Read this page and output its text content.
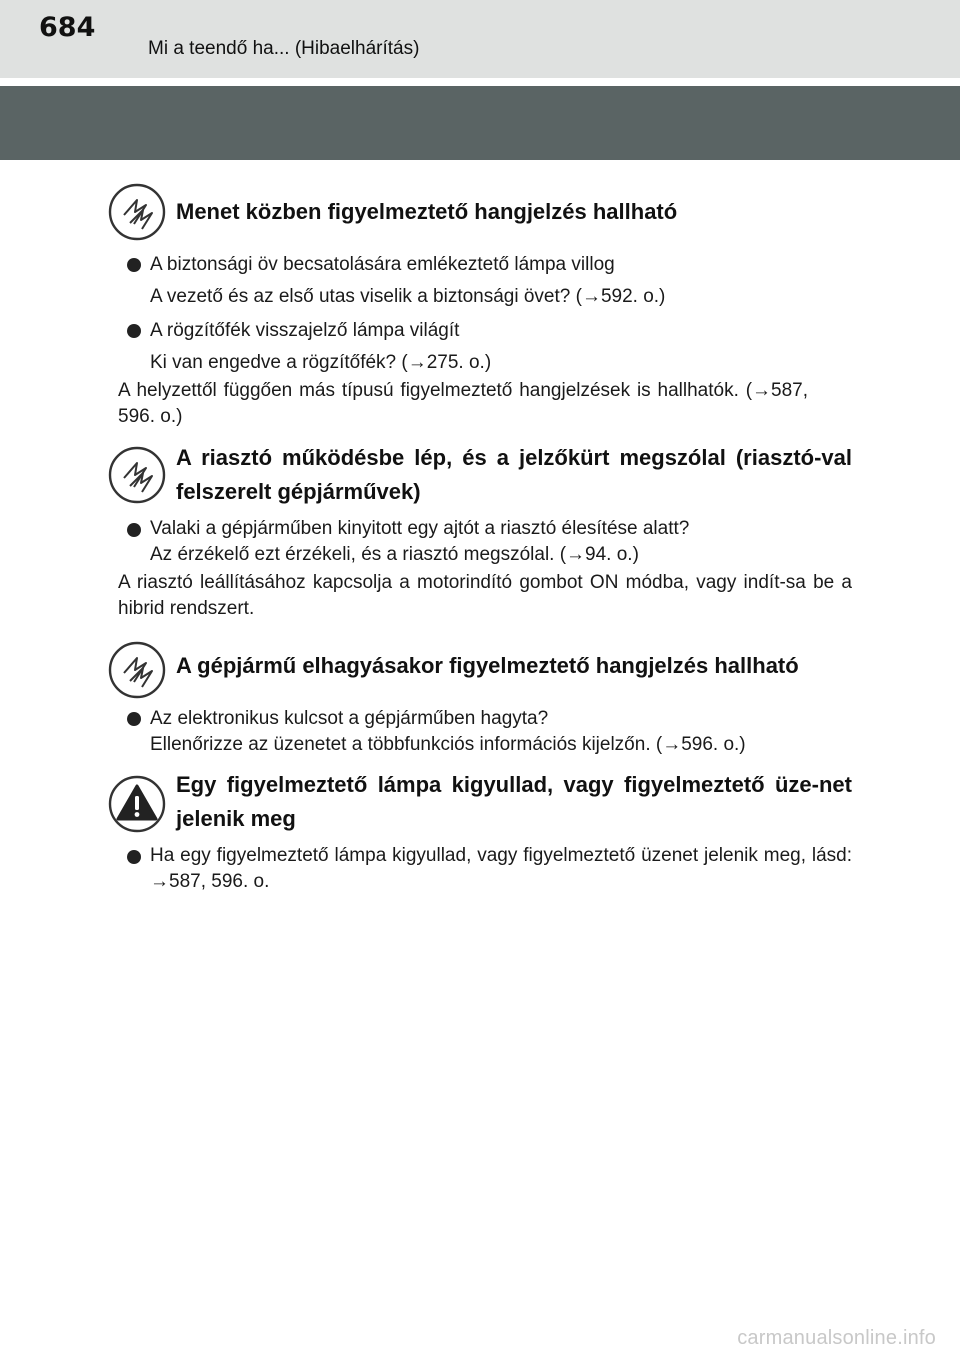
684
Mi a teendő ha... (Hibaelhárítás)
Menet közben figyelmeztető hangjelzés hallható
A biztonsági öv becsatolására emlékeztető lámpa villog
A vezető és az első utas viselik a biztonsági övet? (→592. o.)
A rögzítőfék visszajelző lámpa világít
Ki van engedve a rögzítőfék? (→275. o.)
A helyzettől függően más típusú figyelmeztető hangjelzések is hallhatók. (→587, 596. o.)
A riasztó működésbe lép, és a jelzőkürt megszólal (riasztó-val felszerelt gépjárművek)
Valaki a gépjárműben kinyitott egy ajtót a riasztó élesítése alatt?
Az érzékelő ezt érzékeli, és a riasztó megszólal. (→94. o.)
A riasztó leállításához kapcsolja a motorindító gombot ON módba, vagy indít-sa be a hibrid rendszert.
A gépjármű elhagyásakor figyelmeztető hangjelzés hallható
Az elektronikus kulcsot a gépjárműben hagyta?
Ellenőrizze az üzenetet a többfunkciós információs kijelzőn. (→596. o.)
Egy figyelmeztető lámpa kigyullad, vagy figyelmeztető üze-net jelenik meg
Ha egy figyelmeztető lámpa kigyullad, vagy figyelmeztető üzenet jelenik meg, lásd: →587, 596. o.
carmanualsonline.info
